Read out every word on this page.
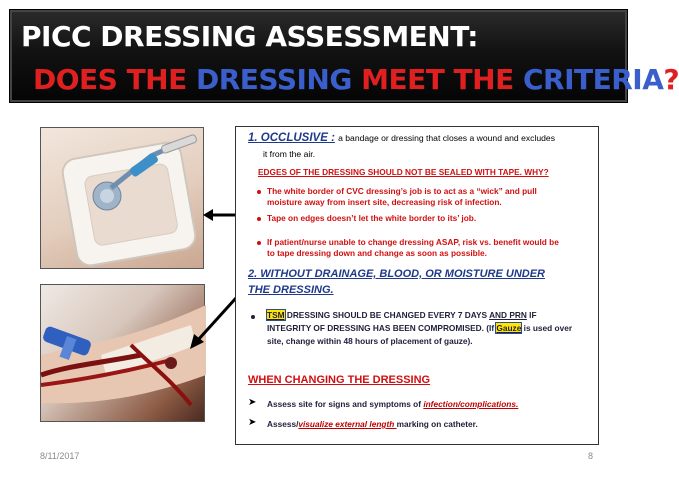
PICC DRESSING ASSESSMENT:
DOES THE DRESSING MEET THE CRITERIA?
1. OCCLUSIVE : a bandage or dressing that closes a wound and excludes
it from the air.
EDGES OF THE DRESSING SHOULD NOT BE SEALED WITH TAPE. WHY?
The white border of CVC dressing’s job is to act as a “wick” and pull
moisture away from insert site, decreasing risk of infection.
Tape on edges doesn’t let the white border to its’ job.
If patient/nurse unable to change dressing ASAP, risk vs. benefit would be
to tape dressing down and change as soon as possible.
2. WITHOUT DRAINAGE, BLOOD, OR MOISTURE UNDER
THE DRESSING.
TSM DRESSING SHOULD BE CHANGED EVERY 7 DAYS AND PRN IF
INTEGRITY OF DRESSING HAS BEEN COMPROMISED. (If Gauze is used over
site, change within 48 hours of placement of gauze).
WHEN CHANGING THE DRESSING
➤ Assess site for signs and symptoms of infection/complications.
➤ Assess/visualize external length marking on catheter.
8/11/2017	8
